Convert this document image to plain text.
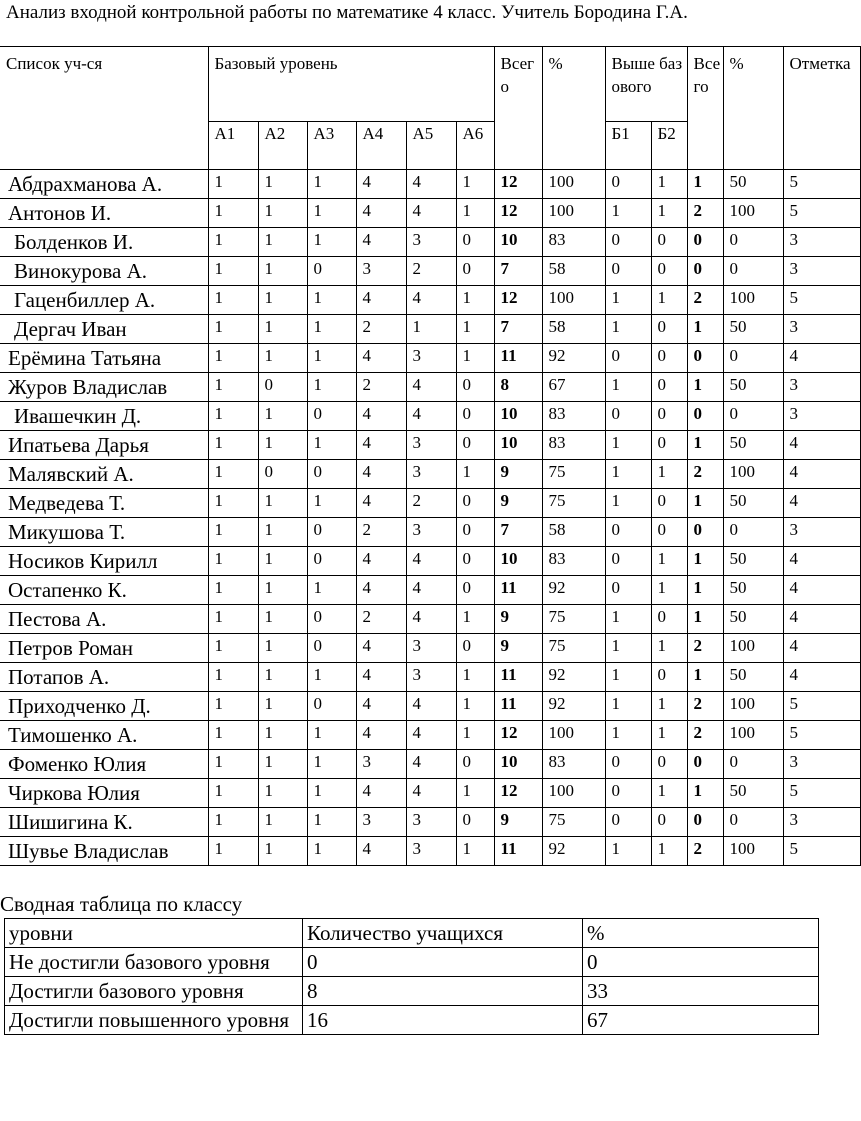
Анализ входной контрольной работы по математике 4 класс. Учитель Бородина Г.А.
Список уч-ся	Базовый уровень						Всего	%	Выше базового		Всего	%	Отметка
	А1	А2	А3	А4	А5	А6			Б1	Б2			
Абдрахманова А.	1	1	1	4	4	1	12	100	0	1	1	50	5
Антонов И.	1	1	1	4	4	1	12	100	1	1	2	100	5
Болденков И.	1	1	1	4	3	0	10	83	0	0	0	0	3
Винокурова А.	1	1	0	3	2	0	7	58	0	0	0	0	3
Гаценбиллер А.	1	1	1	4	4	1	12	100	1	1	2	100	5
Дергач Иван	1	1	1	2	1	1	7	58	1	0	1	50	3
Ерёмина Татьяна	1	1	1	4	3	1	11	92	0	0	0	0	4
Журов Владислав	1	0	1	2	4	0	8	67	1	0	1	50	3
Ивашечкин Д.	1	1	0	4	4	0	10	83	0	0	0	0	3
Ипатьева Дарья	1	1	1	4	3	0	10	83	1	0	1	50	4
Малявский А.	1	0	0	4	3	1	9	75	1	1	2	100	4
Медведева Т.	1	1	1	4	2	0	9	75	1	0	1	50	4
Микушова Т.	1	1	0	2	3	0	7	58	0	0	0	0	3
Носиков Кирилл	1	1	0	4	4	0	10	83	0	1	1	50	4
Остапенко К.	1	1	1	4	4	0	11	92	0	1	1	50	4
Пестова А.	1	1	0	2	4	1	9	75	1	0	1	50	4
Петров Роман	1	1	0	4	3	0	9	75	1	1	2	100	4
Потапов А.	1	1	1	4	3	1	11	92	1	0	1	50	4
Приходченко Д.	1	1	0	4	4	1	11	92	1	1	2	100	5
Тимошенко А.	1	1	1	4	4	1	12	100	1	1	2	100	5
Фоменко Юлия	1	1	1	3	4	0	10	83	0	0	0	0	3
Чиркова Юлия	1	1	1	4	4	1	12	100	0	1	1	50	5
Шишигина К.	1	1	1	3	3	0	9	75	0	0	0	0	3
Шувье Владислав	1	1	1	4	3	1	11	92	1	1	2	100	5
Сводная таблица по классу
уровни	Количество учащихся	%
Не достигли базового уровня	0	0
Достигли базового уровня	8	33
Достигли повышенного уровня	16	67
